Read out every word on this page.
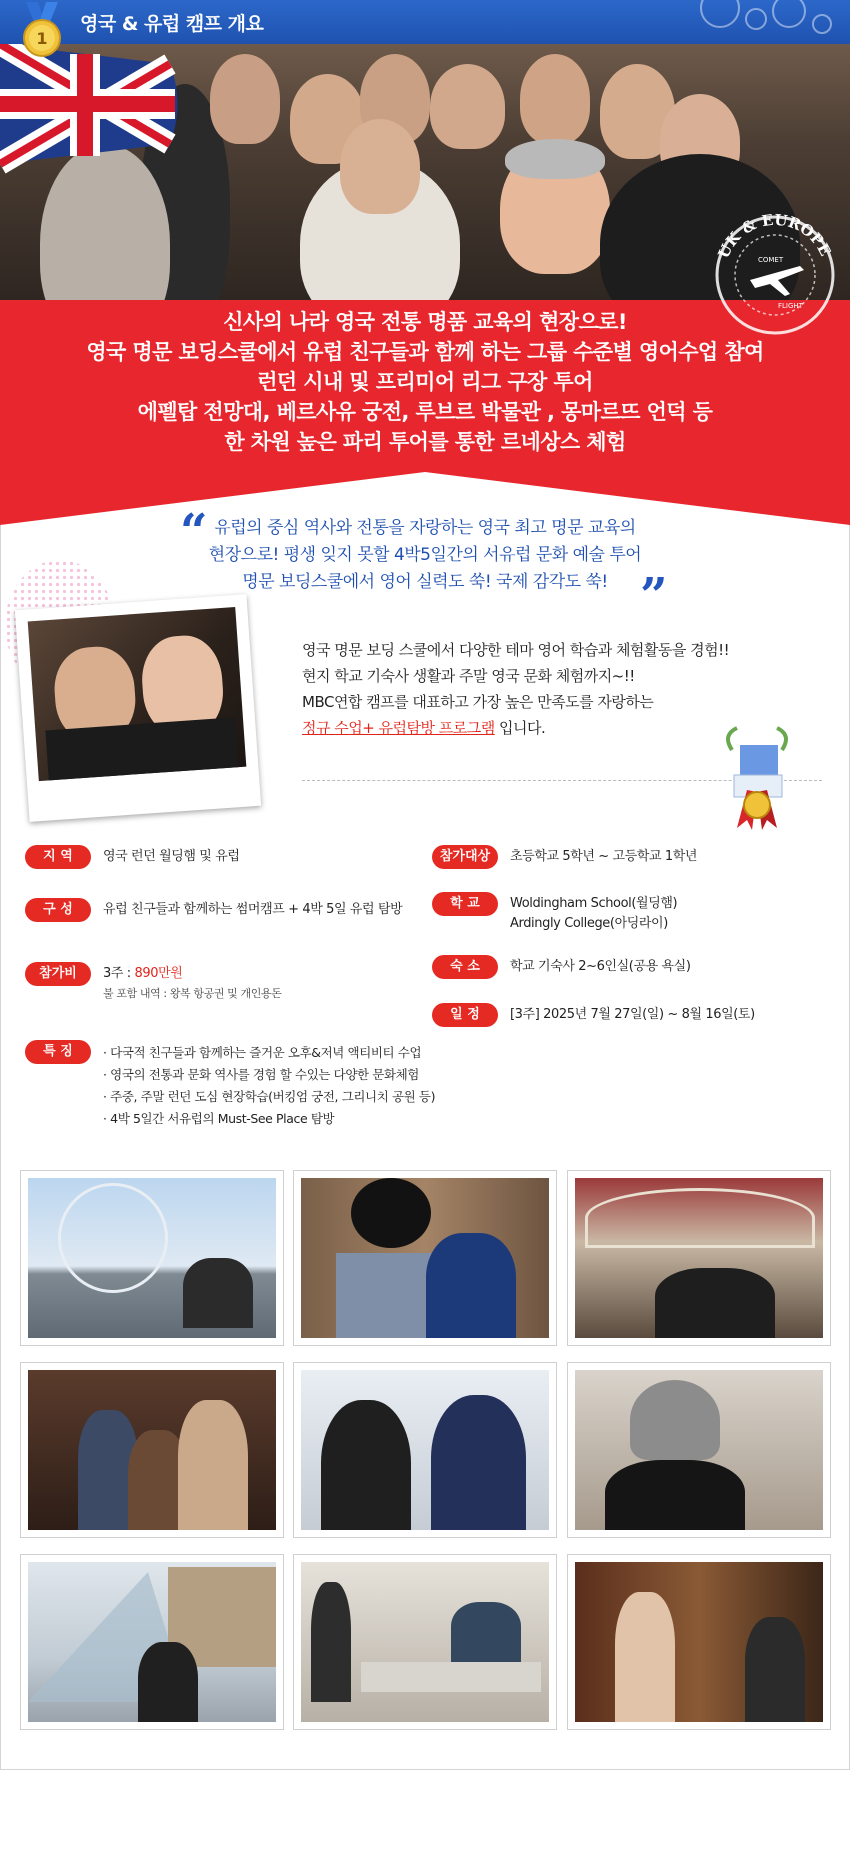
영국 & 유럽 캠프 개요
1
신사의 나라 영국 전통 명품 교육의 현장으로!
영국 명문 보딩스쿨에서 유럽 친구들과 함께 하는 그룹 수준별 영어수업 참여
런던 시내 및 프리미어 리그 구장 투어
에펠탑 전망대, 베르사유 궁전, 루브르 박물관 , 몽마르뜨 언덕 등
한 차원 높은 파리 투어를 통한 르네상스 체험
UK & EUROPE
COMET
FLIGHT
“ 유럽의 중심 역사와 전통을 자랑하는 영국 최고 명문 교육의
현장으로! 평생 잊지 못할 4박5일간의 서유럽 문화 예술 투어
명문 보딩스쿨에서 영어 실력도 쑥! 국제 감각도 쑥! ”
영국 명문 보딩 스쿨에서 다양한 테마 영어 학습과 체험활동을 경험!!
현지 학교 기숙사 생활과 주말 영국 문화 체험까지~!!
MBC연합 캠프를 대표하고 가장 높은 만족도를 자랑하는
정규 수업+ 유럽탐방 프로그램 입니다.
지 역	영국 런던 월딩햄 및 유럽
구 성	유럽 친구들과 함께하는 썸머캠프 + 4박 5일 유럽 탐방
참가비	3주 : 890만원
불 포함 내역 : 왕복 항공권 및 개인용돈
특 징
·	다국적 친구들과 함께하는 즐거운 오후&저녁 액티비티 수업
· 영국의 전통과 문화 역사를 경험 할 수있는 다양한 문화체험
· 주중, 주말 런던 도심 현장학습(버킹엄 궁전, 그리니치 공원 등)
· 4박 5일간 서유럽의 Must-See Place 탐방
참가대상	초등학교 5학년 ~ 고등학교 1학년
학 교	Woldingham School(월딩햄)
Ardingly College(아딩라이)
숙 소	학교 기숙사 2~6인실(공용 욕실)
일 정	[3주] 2025년 7월 27일(일) ~ 8월 16일(토)
